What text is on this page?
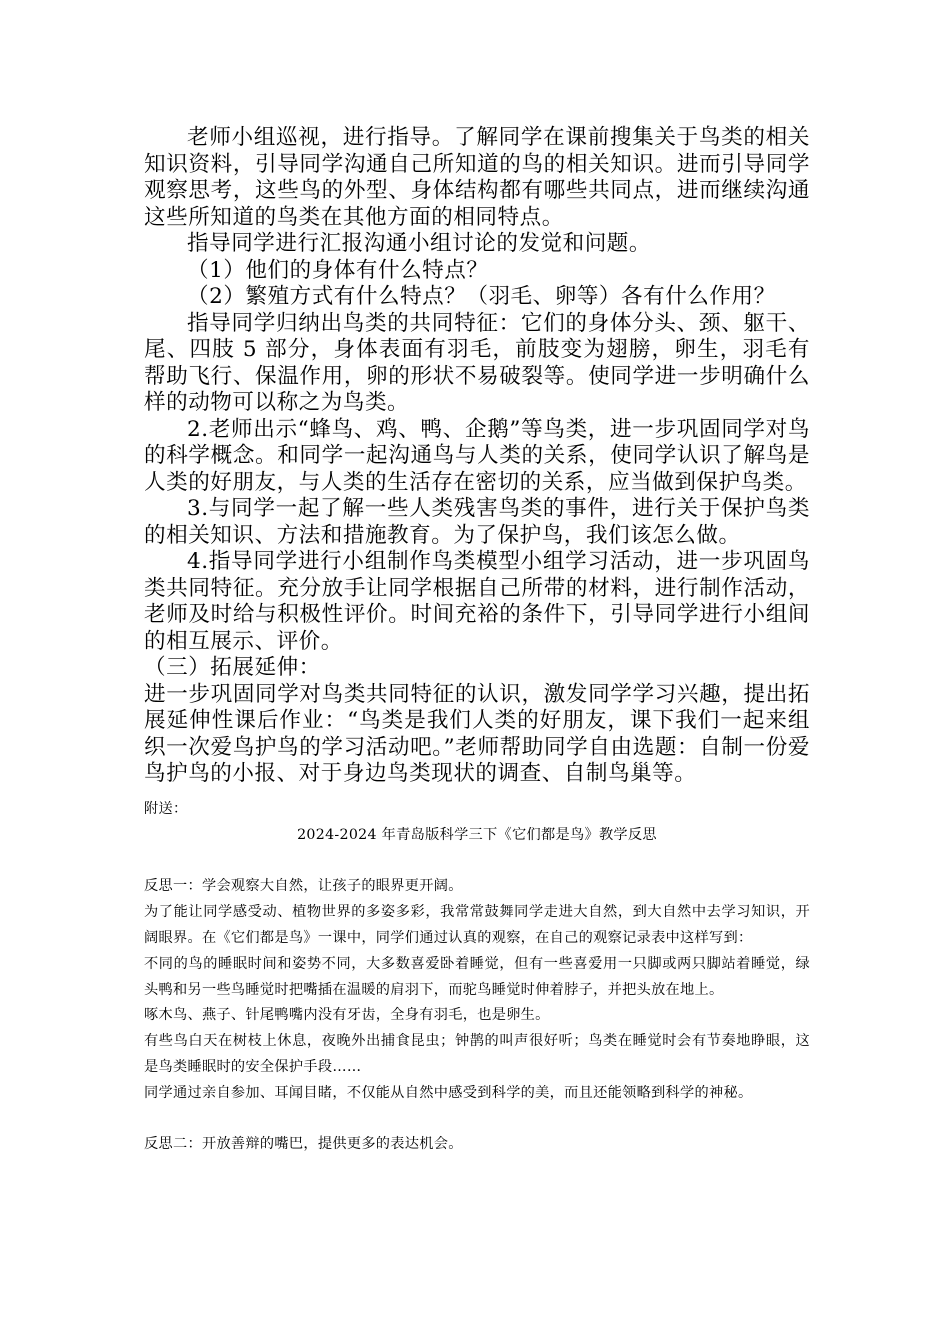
老师小组巡视，进行指导。了解同学在课前搜集关于鸟类的相关知识资料，引导同学沟通自己所知道的鸟的相关知识。进而引导同学观察思考，这些鸟的外型、身体结构都有哪些共同点，进而继续沟通这些所知道的鸟类在其他方面的相同特点。

指导同学进行汇报沟通小组讨论的发觉和问题。

（1）他们的身体有什么特点？

（2）繁殖方式有什么特点？（羽毛、卵等）各有什么作用？

指导同学归纳出鸟类的共同特征：它们的身体分头、颈、躯干、尾、四肢 5 部分，身体表面有羽毛，前肢变为翅膀，卵生，羽毛有帮助飞行、保温作用，卵的形状不易破裂等。使同学进一步明确什么样的动物可以称之为鸟类。

2.老师出示“蜂鸟、鸡、鸭、企鹅”等鸟类，进一步巩固同学对鸟的科学概念。和同学一起沟通鸟与人类的关系，使同学认识了解鸟是人类的好朋友，与人类的生活存在密切的关系，应当做到保护鸟类。

3.与同学一起了解一些人类残害鸟类的事件，进行关于保护鸟类的相关知识、方法和措施教育。为了保护鸟，我们该怎么做。

4.指导同学进行小组制作鸟类模型小组学习活动，进一步巩固鸟类共同特征。充分放手让同学根据自己所带的材料，进行制作活动，老师及时给与积极性评价。时间充裕的条件下，引导同学进行小组间的相互展示、评价。

（三）拓展延伸：

进一步巩固同学对鸟类共同特征的认识，激发同学学习兴趣，提出拓展延伸性课后作业：“鸟类是我们人类的好朋友，课下我们一起来组织一次爱鸟护鸟的学习活动吧。”老师帮助同学自由选题：自制一份爱鸟护鸟的小报、对于身边鸟类现状的调查、自制鸟巢等。

附送：

2024-2024 年青岛版科学三下《它们都是鸟》教学反思

反思一：学会观察大自然，让孩子的眼界更开阔。

为了能让同学感受动、植物世界的多姿多彩，我常常鼓舞同学走进大自然，到大自然中去学习知识，开阔眼界。在《它们都是鸟》一课中，同学们通过认真的观察，在自己的观察记录表中这样写到：

不同的鸟的睡眠时间和姿势不同，大多数喜爱卧着睡觉，但有一些喜爱用一只脚或两只脚站着睡觉，绿头鸭和另一些鸟睡觉时把嘴插在温暖的肩羽下，而驼鸟睡觉时伸着脖子，并把头放在地上。

啄木鸟、燕子、针尾鸭嘴内没有牙齿，全身有羽毛，也是卵生。

有些鸟白天在树枝上休息，夜晚外出捕食昆虫；钟鹊的叫声很好听；鸟类在睡觉时会有节奏地睁眼，这是鸟类睡眠时的安全保护手段……

同学通过亲自参加、耳闻目睹，不仅能从自然中感受到科学的美，而且还能领略到科学的神秘。

反思二：开放善辩的嘴巴，提供更多的表达机会。
